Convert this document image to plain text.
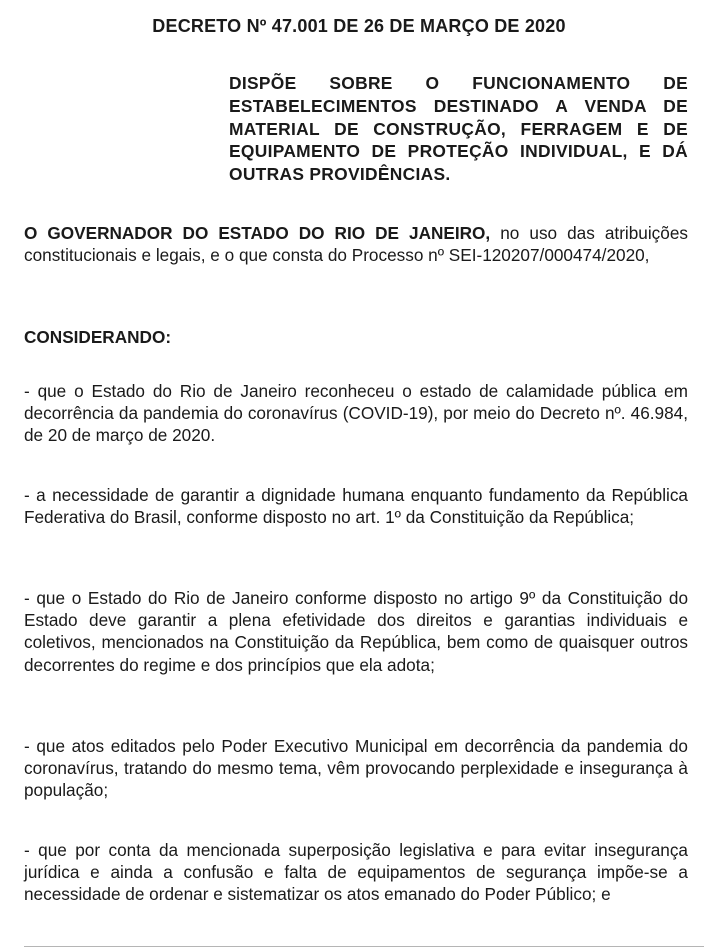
DECRETO Nº 47.001 DE 26 DE MARÇO DE 2020

DISPÕE SOBRE O FUNCIONAMENTO DE ESTABELECIMENTOS DESTINADO A VENDA DE MATERIAL DE CONSTRUÇÃO, FERRAGEM E DE EQUIPAMENTO DE PROTEÇÃO INDIVIDUAL, E DÁ OUTRAS PROVIDÊNCIAS.

O GOVERNADOR DO ESTADO DO RIO DE JANEIRO, no uso das atribuições constitucionais e legais, e o que consta do Processo nº SEI-120207/000474/2020,

CONSIDERANDO:

- que o Estado do Rio de Janeiro reconheceu o estado de calamidade pública em decorrência da pandemia do coronavírus (COVID-19), por meio do Decreto nº. 46.984, de 20 de março de 2020.

- a necessidade de garantir a dignidade humana enquanto fundamento da República Federativa do Brasil, conforme disposto no art. 1º da Constituição da República;

- que o Estado do Rio de Janeiro conforme disposto no artigo 9º da Constituição do Estado deve garantir a plena efetividade dos direitos e garantias individuais e coletivos, mencionados na Constituição da República, bem como de quaisquer outros decorrentes do regime e dos princípios que ela adota;

- que atos editados pelo Poder Executivo Municipal em decorrência da pandemia do coronavírus, tratando do mesmo tema, vêm provocando perplexidade e insegurança à população;

- que por conta da mencionada superposição legislativa e para evitar insegurança jurídica e ainda a confusão e falta de equipamentos de segurança impõe-se a necessidade de ordenar e sistematizar os atos emanado do Poder Público; e
